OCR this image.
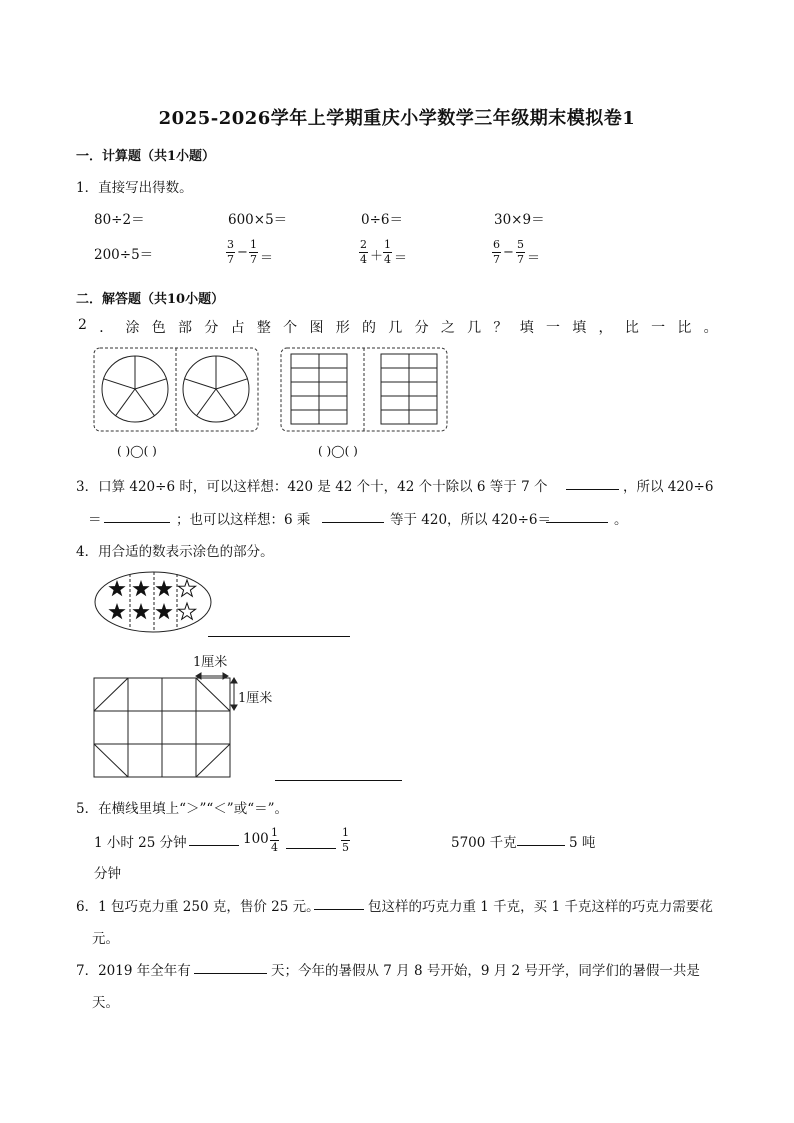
2025-2026学年上学期重庆小学数学三年级期末模拟卷1
一．计算题（共1小题）
1．直接写出得数。
80÷2＝	600×5＝	0÷6＝	30×9＝
200÷5＝	$\frac{3}{7} - \frac{1}{7}$ ＝	$\frac{2}{4} + \frac{1}{4}$ ＝	$\frac{6}{7} - \frac{5}{7}$ ＝
二．解答题（共10小题）
2 ． 涂 色 部 分 占 整 个 图 形 的 几 分 之 几 ？ 填 一 填 ， 比 一 比 。
( )◯( )	( )◯( )
3．口算 420÷6 时，可以这样想：420 是 42 个十，42 个十除以 6 等于 7 个	，所以 420÷6
＝	；也可以这样想：6 乘	等于 420，所以 420÷6＝	。
4．用合适的数表示涂色的部分。
1厘米
1厘米
5．在横线里填上“＞”“＜”或“＝”。
1 小时 25 分钟	100
分钟
$\frac{1}{4}$	$\frac{1}{5}$	5700 千克	5 吨
6．1 包巧克力重 250 克，售价 25 元。	包这样的巧克力重 1 千克，买 1 千克这样的巧克力需要花
元。
7．2019 年全年有	天；今年的暑假从 7 月 8 号开始，9 月 2 号开学，同学们的暑假一共是
天。
